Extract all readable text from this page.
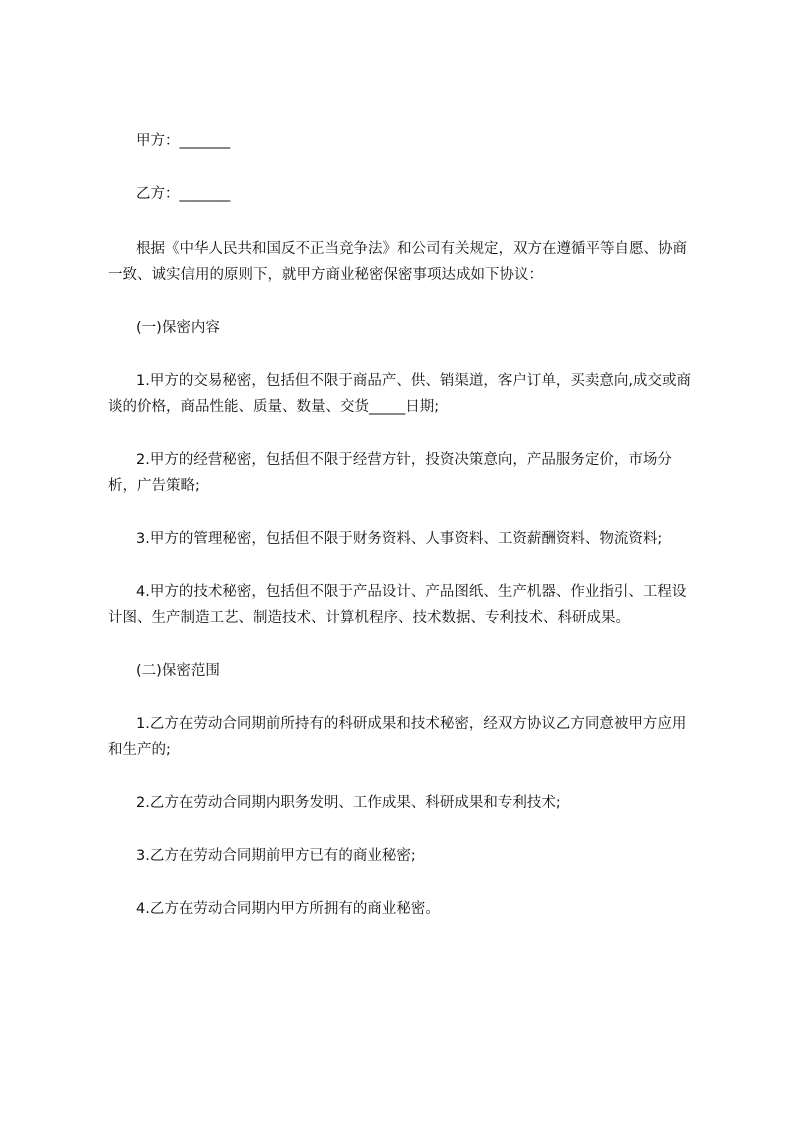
甲方：_______

乙方：_______

根据《中华人民共和国反不正当竞争法》和公司有关规定，双方在遵循平等自愿、协商一致、诚实信用的原则下，就甲方商业秘密保密事项达成如下协议：

(一)保密内容

1.甲方的交易秘密，包括但不限于商品产、供、销渠道，客户订单，买卖意向,成交或商谈的价格，商品性能、质量、数量、交货_____日期;

2.甲方的经营秘密，包括但不限于经营方针，投资决策意向，产品服务定价，市场分析，广告策略;

3.甲方的管理秘密，包括但不限于财务资料、人事资料、工资薪酬资料、物流资料;

4.甲方的技术秘密，包括但不限于产品设计、产品图纸、生产机器、作业指引、工程设计图、生产制造工艺、制造技术、计算机程序、技术数据、专利技术、科研成果。

(二)保密范围

1.乙方在劳动合同期前所持有的科研成果和技术秘密，经双方协议乙方同意被甲方应用和生产的;

2.乙方在劳动合同期内职务发明、工作成果、科研成果和专利技术;

3.乙方在劳动合同期前甲方已有的商业秘密;

4.乙方在劳动合同期内甲方所拥有的商业秘密。
